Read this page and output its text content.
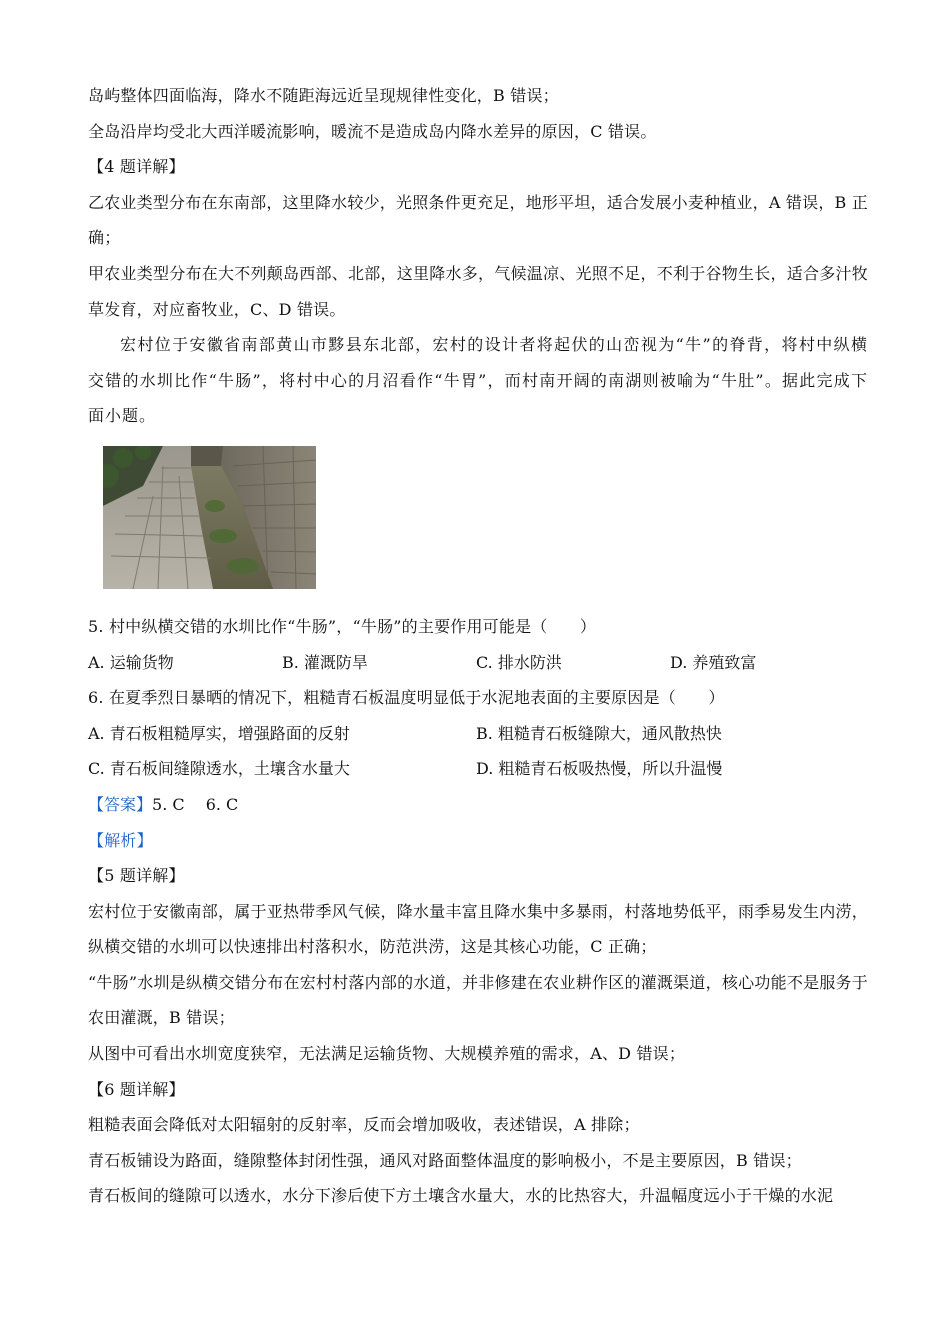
岛屿整体四面临海，降水不随距海远近呈现规律性变化，B 错误；
全岛沿岸均受北大西洋暖流影响，暖流不是造成岛内降水差异的原因，C 错误。
【4 题详解】
乙农业类型分布在东南部，这里降水较少，光照条件更充足，地形平坦，适合发展小麦种植业，A 错误，B 正确；
甲农业类型分布在大不列颠岛西部、北部，这里降水多，气候温凉、光照不足，不利于谷物生长，适合多汁牧草发育，对应畜牧业，C、D 错误。
宏村位于安徽省南部黄山市黟县东北部，宏村的设计者将起伏的山峦视为“牛”的脊背，将村中纵横交错的水圳比作“牛肠”，将村中心的月沼看作“牛胃”，而村南开阔的南湖则被喻为“牛肚”。据此完成下面小题。
5. 村中纵横交错的水圳比作“牛肠”，“牛肠”的主要作用可能是（　　）
A. 运输货物	B. 灌溉防旱	C. 排水防洪	D. 养殖致富
6. 在夏季烈日暴晒的情况下，粗糙青石板温度明显低于水泥地表面的主要原因是（　　）
A. 青石板粗糙厚实，增强路面的反射	B. 粗糙青石板缝隙大，通风散热快
C. 青石板间缝隙透水，土壤含水量大	D. 粗糙青石板吸热慢，所以升温慢
【答案】5. C　 6. C
【解析】
【5 题详解】
宏村位于安徽南部，属于亚热带季风气候，降水量丰富且降水集中多暴雨，村落地势低平，雨季易发生内涝，纵横交错的水圳可以快速排出村落积水，防范洪涝，这是其核心功能，C 正确；
“牛肠”水圳是纵横交错分布在宏村村落内部的水道，并非修建在农业耕作区的灌溉渠道，核心功能不是服务于农田灌溉，B 错误；
从图中可看出水圳宽度狭窄，无法满足运输货物、大规模养殖的需求，A、D 错误；
【6 题详解】
粗糙表面会降低对太阳辐射的反射率，反而会增加吸收，表述错误，A 排除；
青石板铺设为路面，缝隙整体封闭性强，通风对路面整体温度的影响极小，不是主要原因，B 错误；
青石板间的缝隙可以透水，水分下渗后使下方土壤含水量大，水的比热容大，升温幅度远小于干燥的水泥
